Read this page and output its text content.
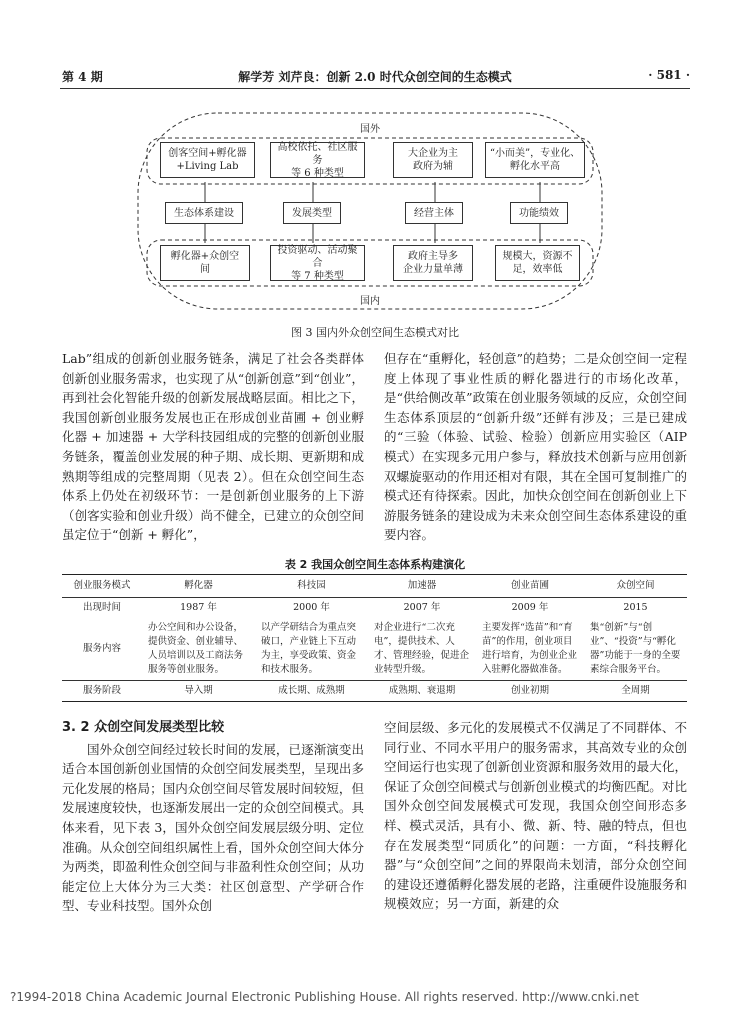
第 4 期	解学芳 刘芹良：创新 2.0 时代众创空间的生态模式	· 581 ·
国外
国内
创客空间+孵化器
+Living Lab
高校依托、社区服务
等 6 种类型
大企业为主
政府为辅
“小而美”，专业化、
孵化水平高
生态体系建设	发展类型	经营主体	功能绩效
孵化器+众创空
间
投资驱动、活动聚合
等 7 种类型
政府主导多
企业力量单薄
规模大，资源不
足，效率低
图 3 国内外众创空间生态模式对比

Lab”组成的创新创业服务链条，满足了社会各类群体创新创业服务需求，也实现了从“创新创意”到“创业”，再到社会化智能升级的创新发展战略层面。相比之下，我国创新创业服务发展也正在形成创业苗圃 + 创业孵化器 + 加速器 + 大学科技园组成的完整的创新创业服务链条，覆盖创业发展的种子期、成长期、更新期和成熟期等组成的完整周期（见表 2）。但在众创空间生态体系上仍处在初级环节：一是创新创业服务的上下游（创客实验和创业升级）尚不健全，已建立的众创空间虽定位于“创新 + 孵化”，

但存在“重孵化，轻创意”的趋势；二是众创空间一定程度上体现了事业性质的孵化器进行的市场化改革，是“供给侧改革”政策在创业服务领域的反应，众创空间生态体系顶层的“创新升级”还鲜有涉及；三是已建成的“三验（体验、试验、检验）创新应用实验区（AIP 模式）在实现多元用户参与，释放技术创新与应用创新双螺旋驱动的作用还相对有限，其在全国可复制推广的模式还有待探索。因此，加快众创空间在创新创业上下游服务链条的建设成为未来众创空间生态体系建设的重要内容。

表 2 我国众创空间生态体系构建演化
创业服务模式	孵化器	科技园	加速器	创业苗圃	众创空间
出现时间	1987 年	2000 年	2007 年	2009 年	2015
服务内容	办公空间和办公设备，提供资金、创业辅导、人员培训以及工商法务服务等创业服务。	以产学研结合为重点突破口，产业链上下互动为主，享受政策、资金和技术服务。	对企业进行“二次充电”，提供技术、人才、管理经验，促进企业转型升级。	主要发挥“选苗”和“育苗”的作用，创业项目进行培育，为创业企业入驻孵化器做准备。	集“创新”与“创业”、“投资”与“孵化器”功能于一身的全要素综合服务平台。
服务阶段	导入期	成长期、成熟期	成熟期、衰退期	创业初期	全周期
3. 2 众创空间发展类型比较

国外众创空间经过较长时间的发展，已逐渐演变出适合本国创新创业国情的众创空间发展类型，呈现出多元化发展的格局；国内众创空间尽管发展时间较短，但发展速度较快，也逐渐发展出一定的众创空间模式。具体来看，见下表 3，国外众创空间发展层级分明、定位准确。从众创空间组织属性上看，国外众创空间大体分为两类，即盈利性众创空间与非盈利性众创空间；从功能定位上大体分为三大类：社区创意型、产学研合作型、专业科技型。国外众创

空间层级、多元化的发展模式不仅满足了不同群体、不同行业、不同水平用户的服务需求，其高效专业的众创空间运行也实现了创新创业资源和服务效用的最大化，保证了众创空间模式与创新创业模式的均衡匹配。对比国外众创空间发展模式可发现，我国众创空间形态多样、模式灵活，具有小、微、新、特、融的特点，但也存在发展类型“同质化”的问题：一方面，“科技孵化器”与“众创空间”之间的界限尚未划清，部分众创空间的建设还遵循孵化器发展的老路，注重硬件设施服务和规模效应；另一方面，新建的众

?1994-2018 China Academic Journal Electronic Publishing House. All rights reserved. http://www.cnki.net
